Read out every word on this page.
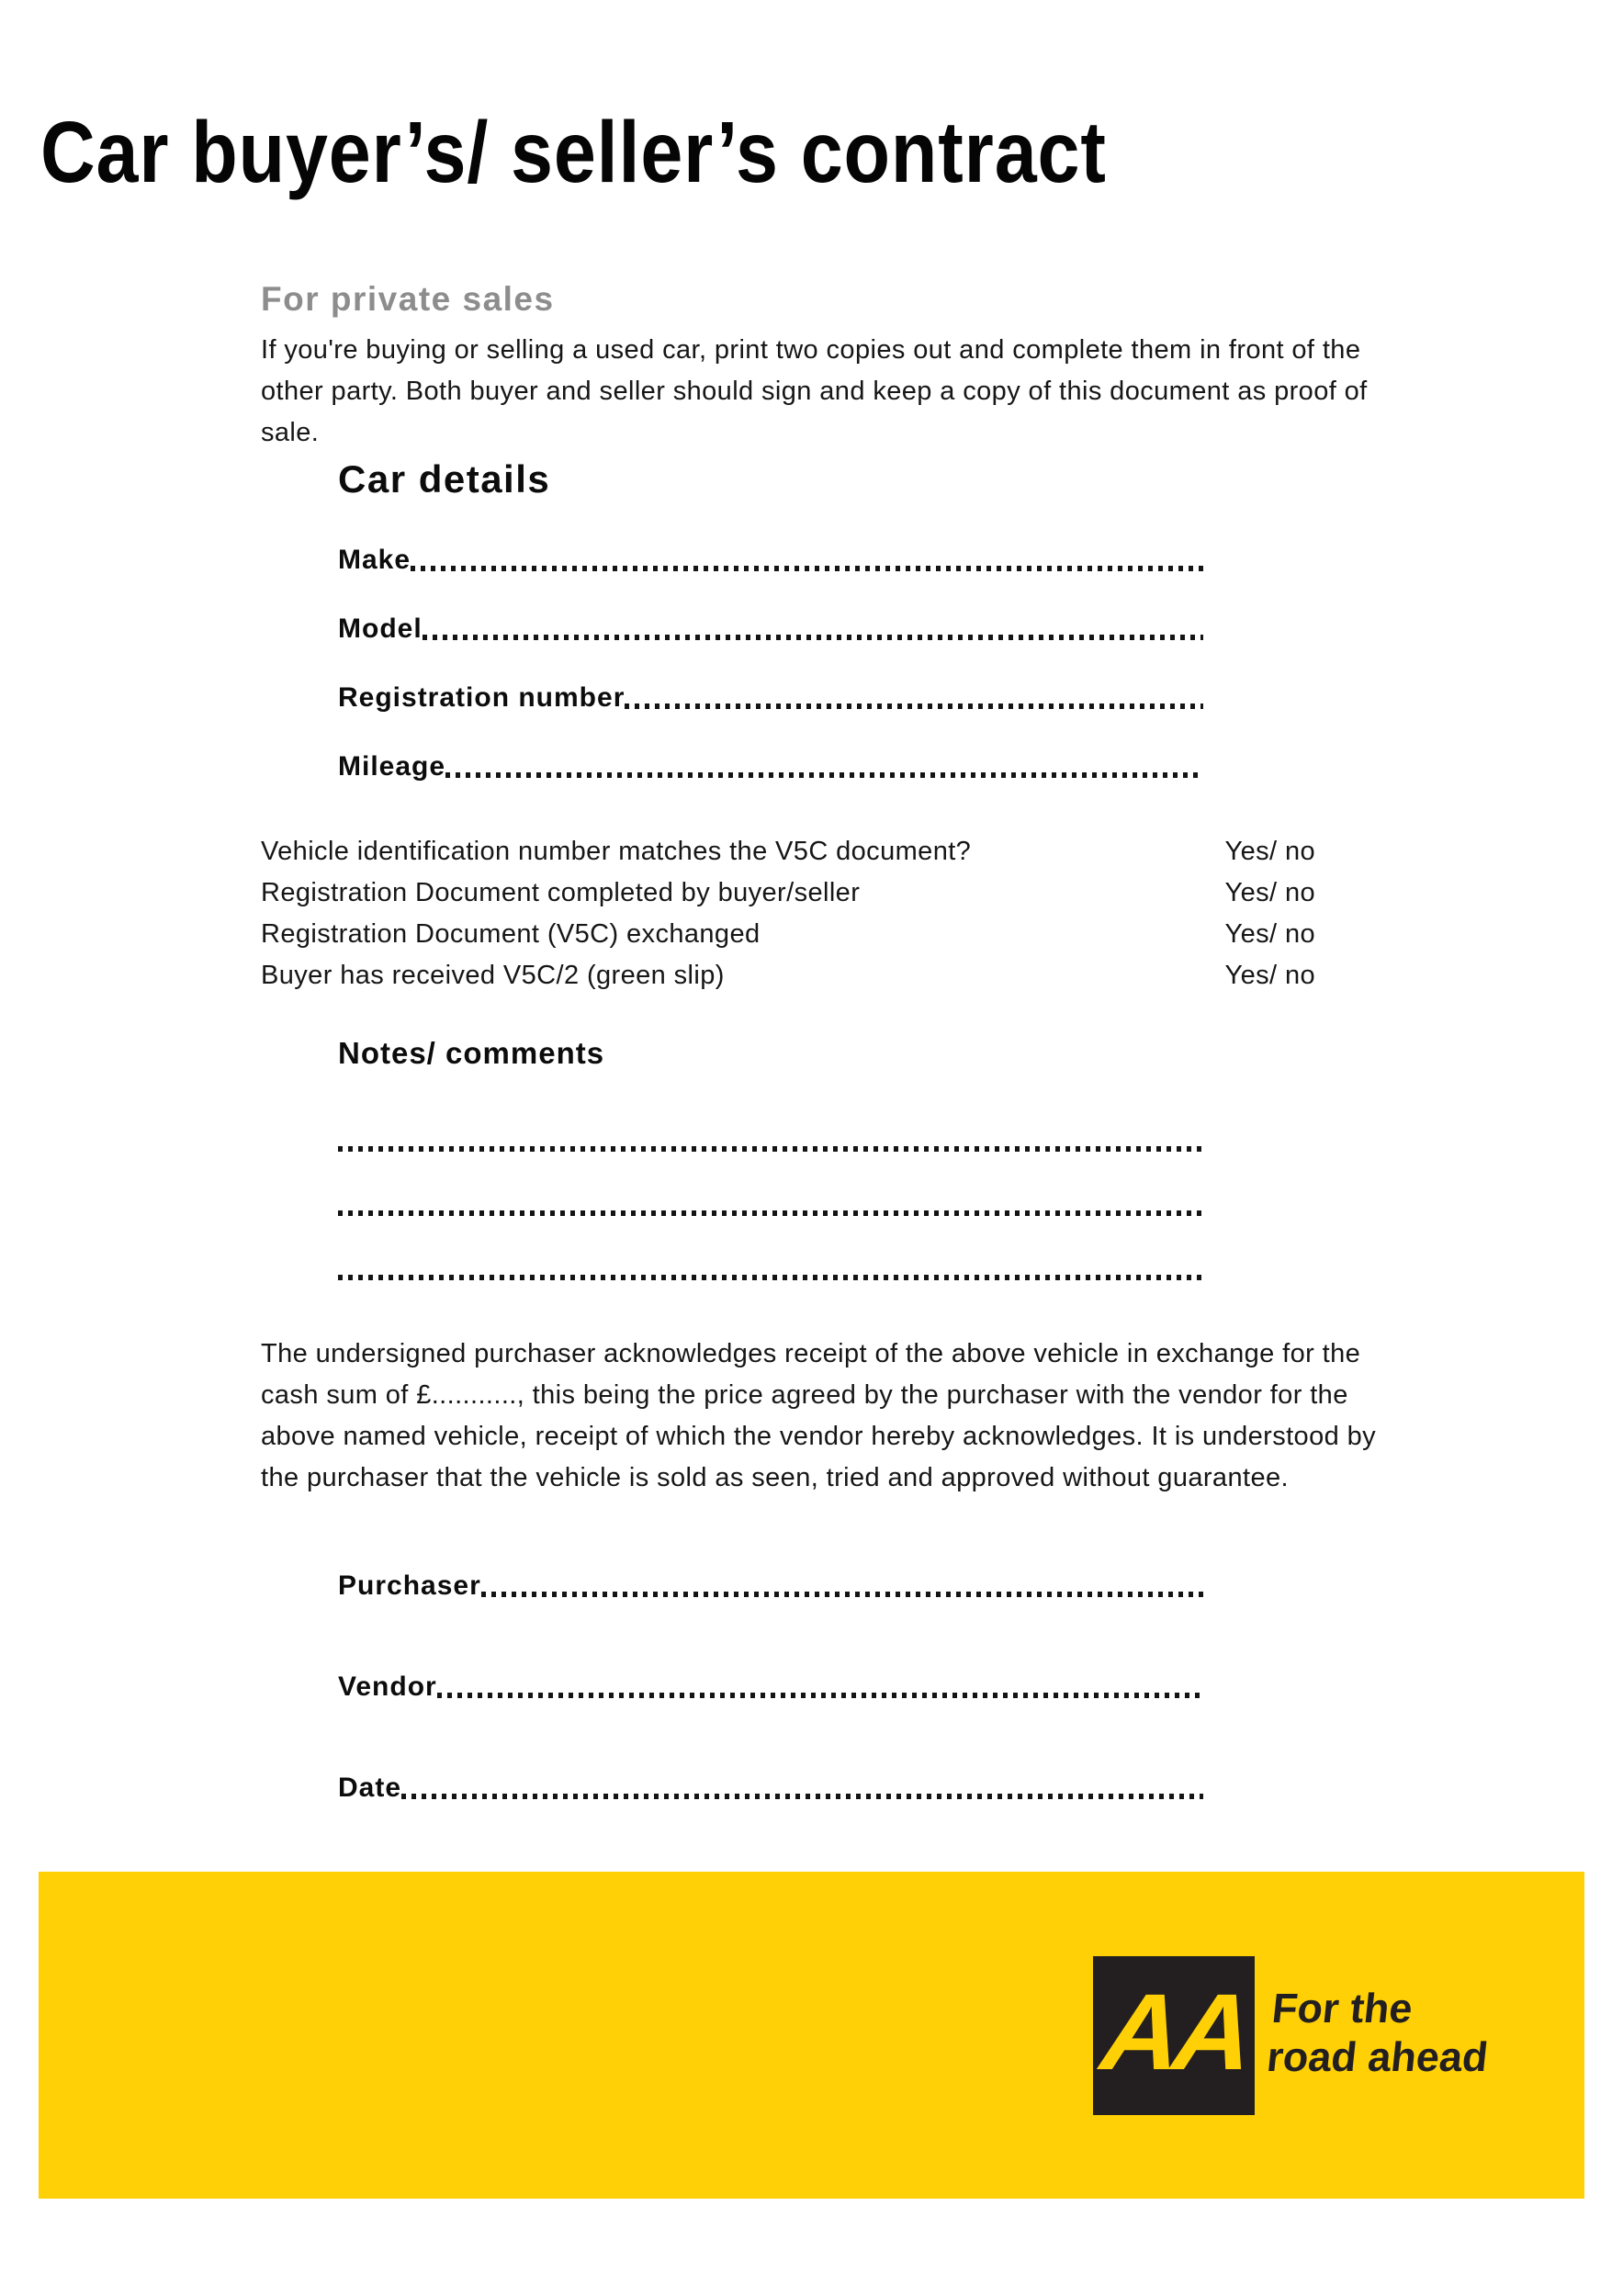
Car buyer’s/ seller’s contract
For private sales
If you're buying or selling a used car, print two copies out and complete them in front of the other party. Both buyer and seller should sign and keep a copy of this document as proof of sale.
Car details
Make
Model
Registration number
Mileage
Vehicle identification number matches the V5C document?	Yes/ no
Registration Document completed by buyer/seller	Yes/ no
Registration Document (V5C) exchanged	Yes/ no
Buyer has received V5C/2 (green slip)	Yes/ no
Notes/ comments
The undersigned purchaser acknowledges receipt of the above vehicle in exchange for the cash sum of £..........., this being the price agreed by the purchaser with the vendor for the above named vehicle, receipt of which the vendor hereby acknowledges. It is understood by the purchaser that the vehicle is sold as seen, tried and approved without guarantee.
Purchaser
Vendor
Date
AA For the
road ahead
